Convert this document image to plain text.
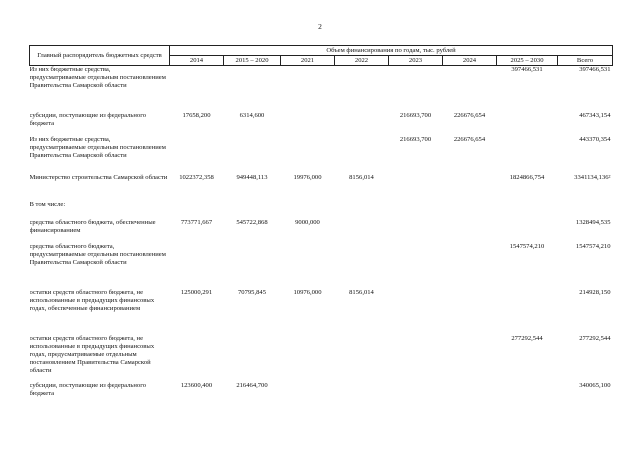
2
Главный распорядитель бюджетных средств	Объем финансирования по годам, тыс. рублей							
	2014	2015 – 2020	2021	2022	2023	2024	2025 – 2030	Всего
Из них бюджетные средства, предусматриваемые отдельным постановлением Правительства Самарской области							397466,531	397466,531
субсидии, поступающие из федерального бюджета	17658,200	6314,600			216693,700	226676,654		467343,154
Из них бюджетные средства, предусматриваемые отдельным постановлением Правительства Самарской области					216693,700	226676,654		443370,354
Министерство строительства Самарской области	1022372,358	949448,113	19976,000	8156,014			1824866,754	3341134,136²
В том числе:								
средства областного бюджета, обеспеченные финансированием	773771,667	545722,868	9000,000					1328494,535
средства областного бюджета, предусматриваемые отдельным постановлением Правительства Самарской области							1547574,210	1547574,210
остатки средств областного бюджета, не использованные в предыдущих финансовых годах, обеспеченные финансированием	125000,291	70795,845	10976,000	8156,014				214928,150
остатки средств областного бюджета, не использованные в предыдущих финансовых годах, предусматриваемые отдельным постановлением Правительства Самарской области							277292,544	277292,544
субсидии, поступающие из федерального бюджета	123600,400	216464,700						340065,100
